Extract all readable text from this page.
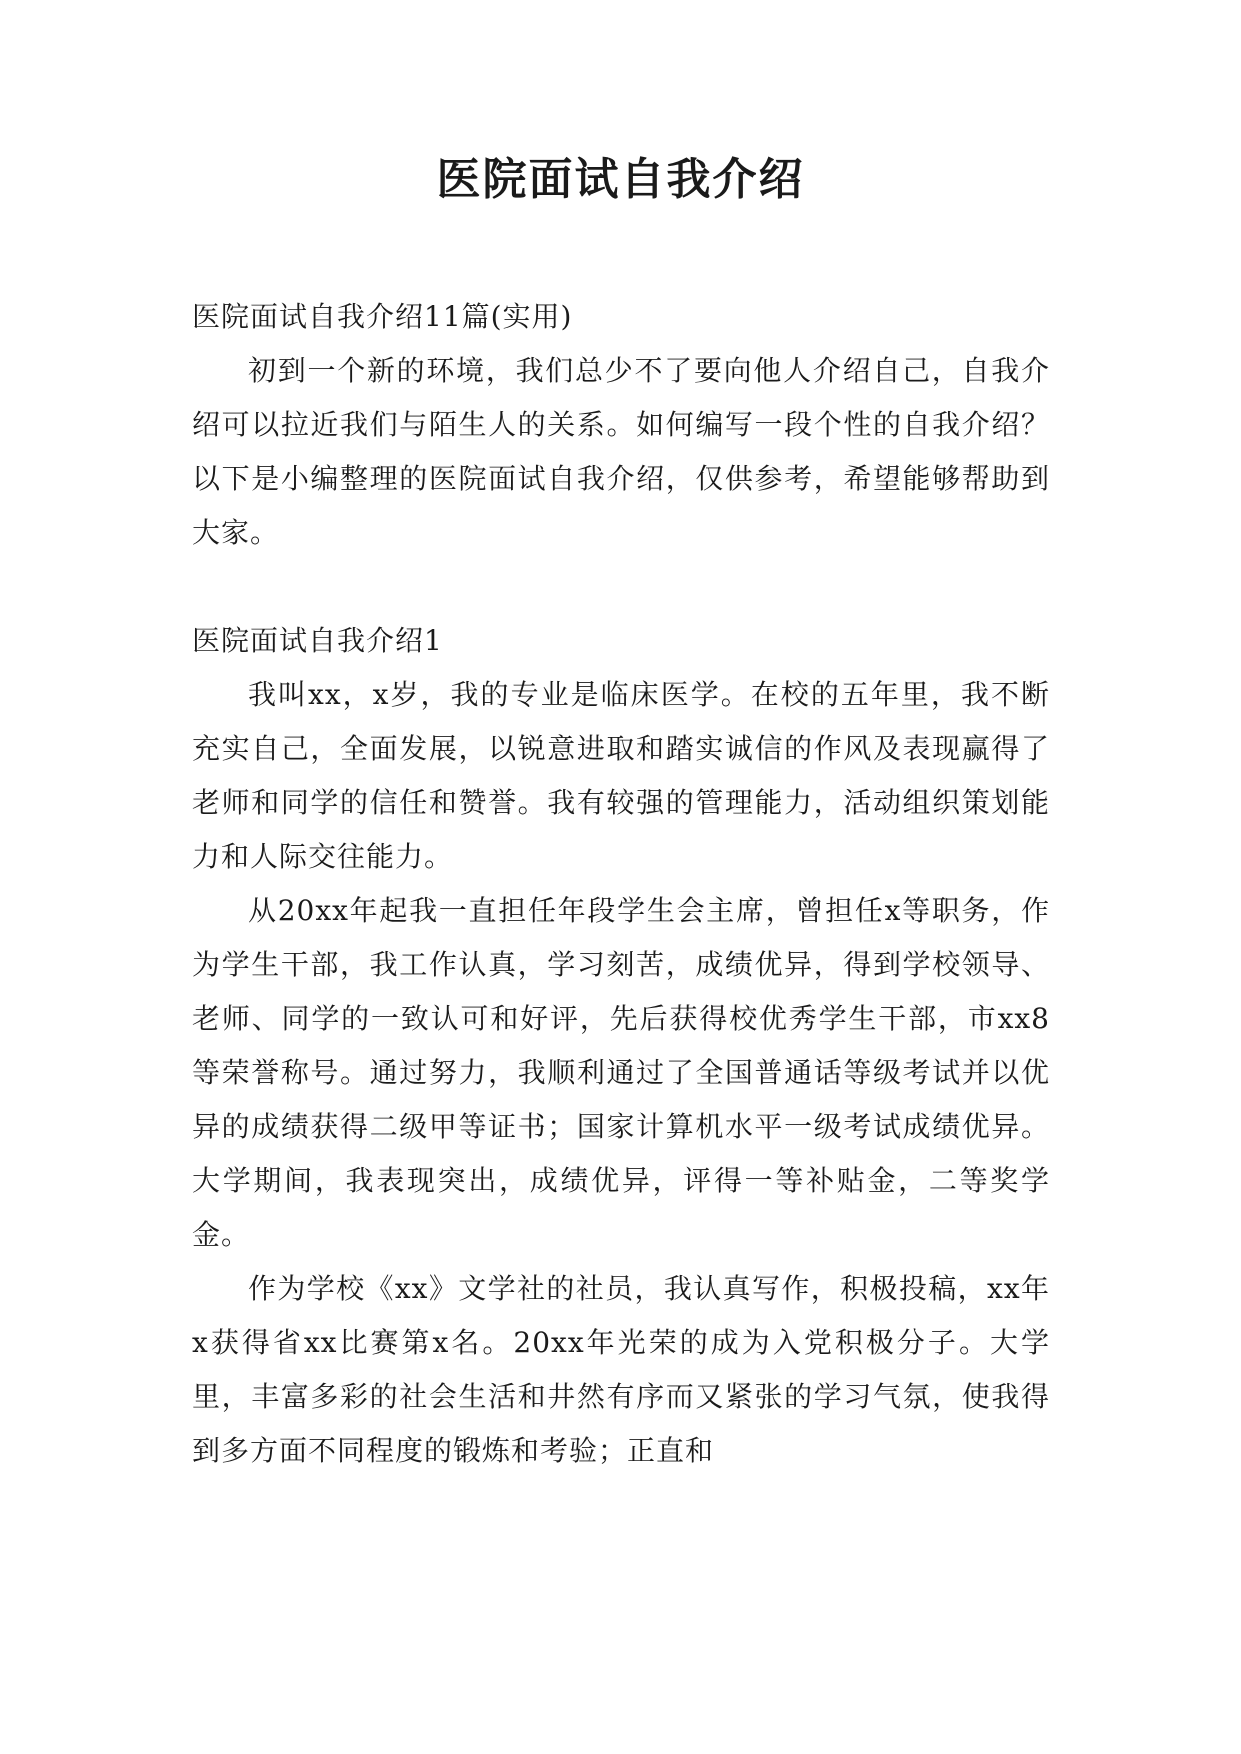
医院面试自我介绍

医院面试自我介绍11篇(实用)

初到一个新的环境，我们总少不了要向他人介绍自己，自我介绍可以拉近我们与陌生人的关系。如何编写一段个性的自我介绍？以下是小编整理的医院面试自我介绍，仅供参考，希望能够帮助到大家。

医院面试自我介绍1

我叫xx，x岁，我的专业是临床医学。在校的五年里，我不断充实自己，全面发展，以锐意进取和踏实诚信的作风及表现赢得了老师和同学的信任和赞誉。我有较强的管理能力，活动组织策划能力和人际交往能力。

从20xx年起我一直担任年段学生会主席，曾担任x等职务，作为学生干部，我工作认真，学习刻苦，成绩优异，得到学校领导、老师、同学的一致认可和好评，先后获得校优秀学生干部，市xx8等荣誉称号。通过努力，我顺利通过了全国普通话等级考试并以优异的成绩获得二级甲等证书；国家计算机水平一级考试成绩优异。大学期间，我表现突出，成绩优异，评得一等补贴金，二等奖学金。

作为学校《xx》文学社的社员，我认真写作，积极投稿，xx年x获得省xx比赛第x名。20xx年光荣的成为入党积极分子。大学里，丰富多彩的社会生活和井然有序而又紧张的学习气氛，使我得到多方面不同程度的锻炼和考验；正直和
